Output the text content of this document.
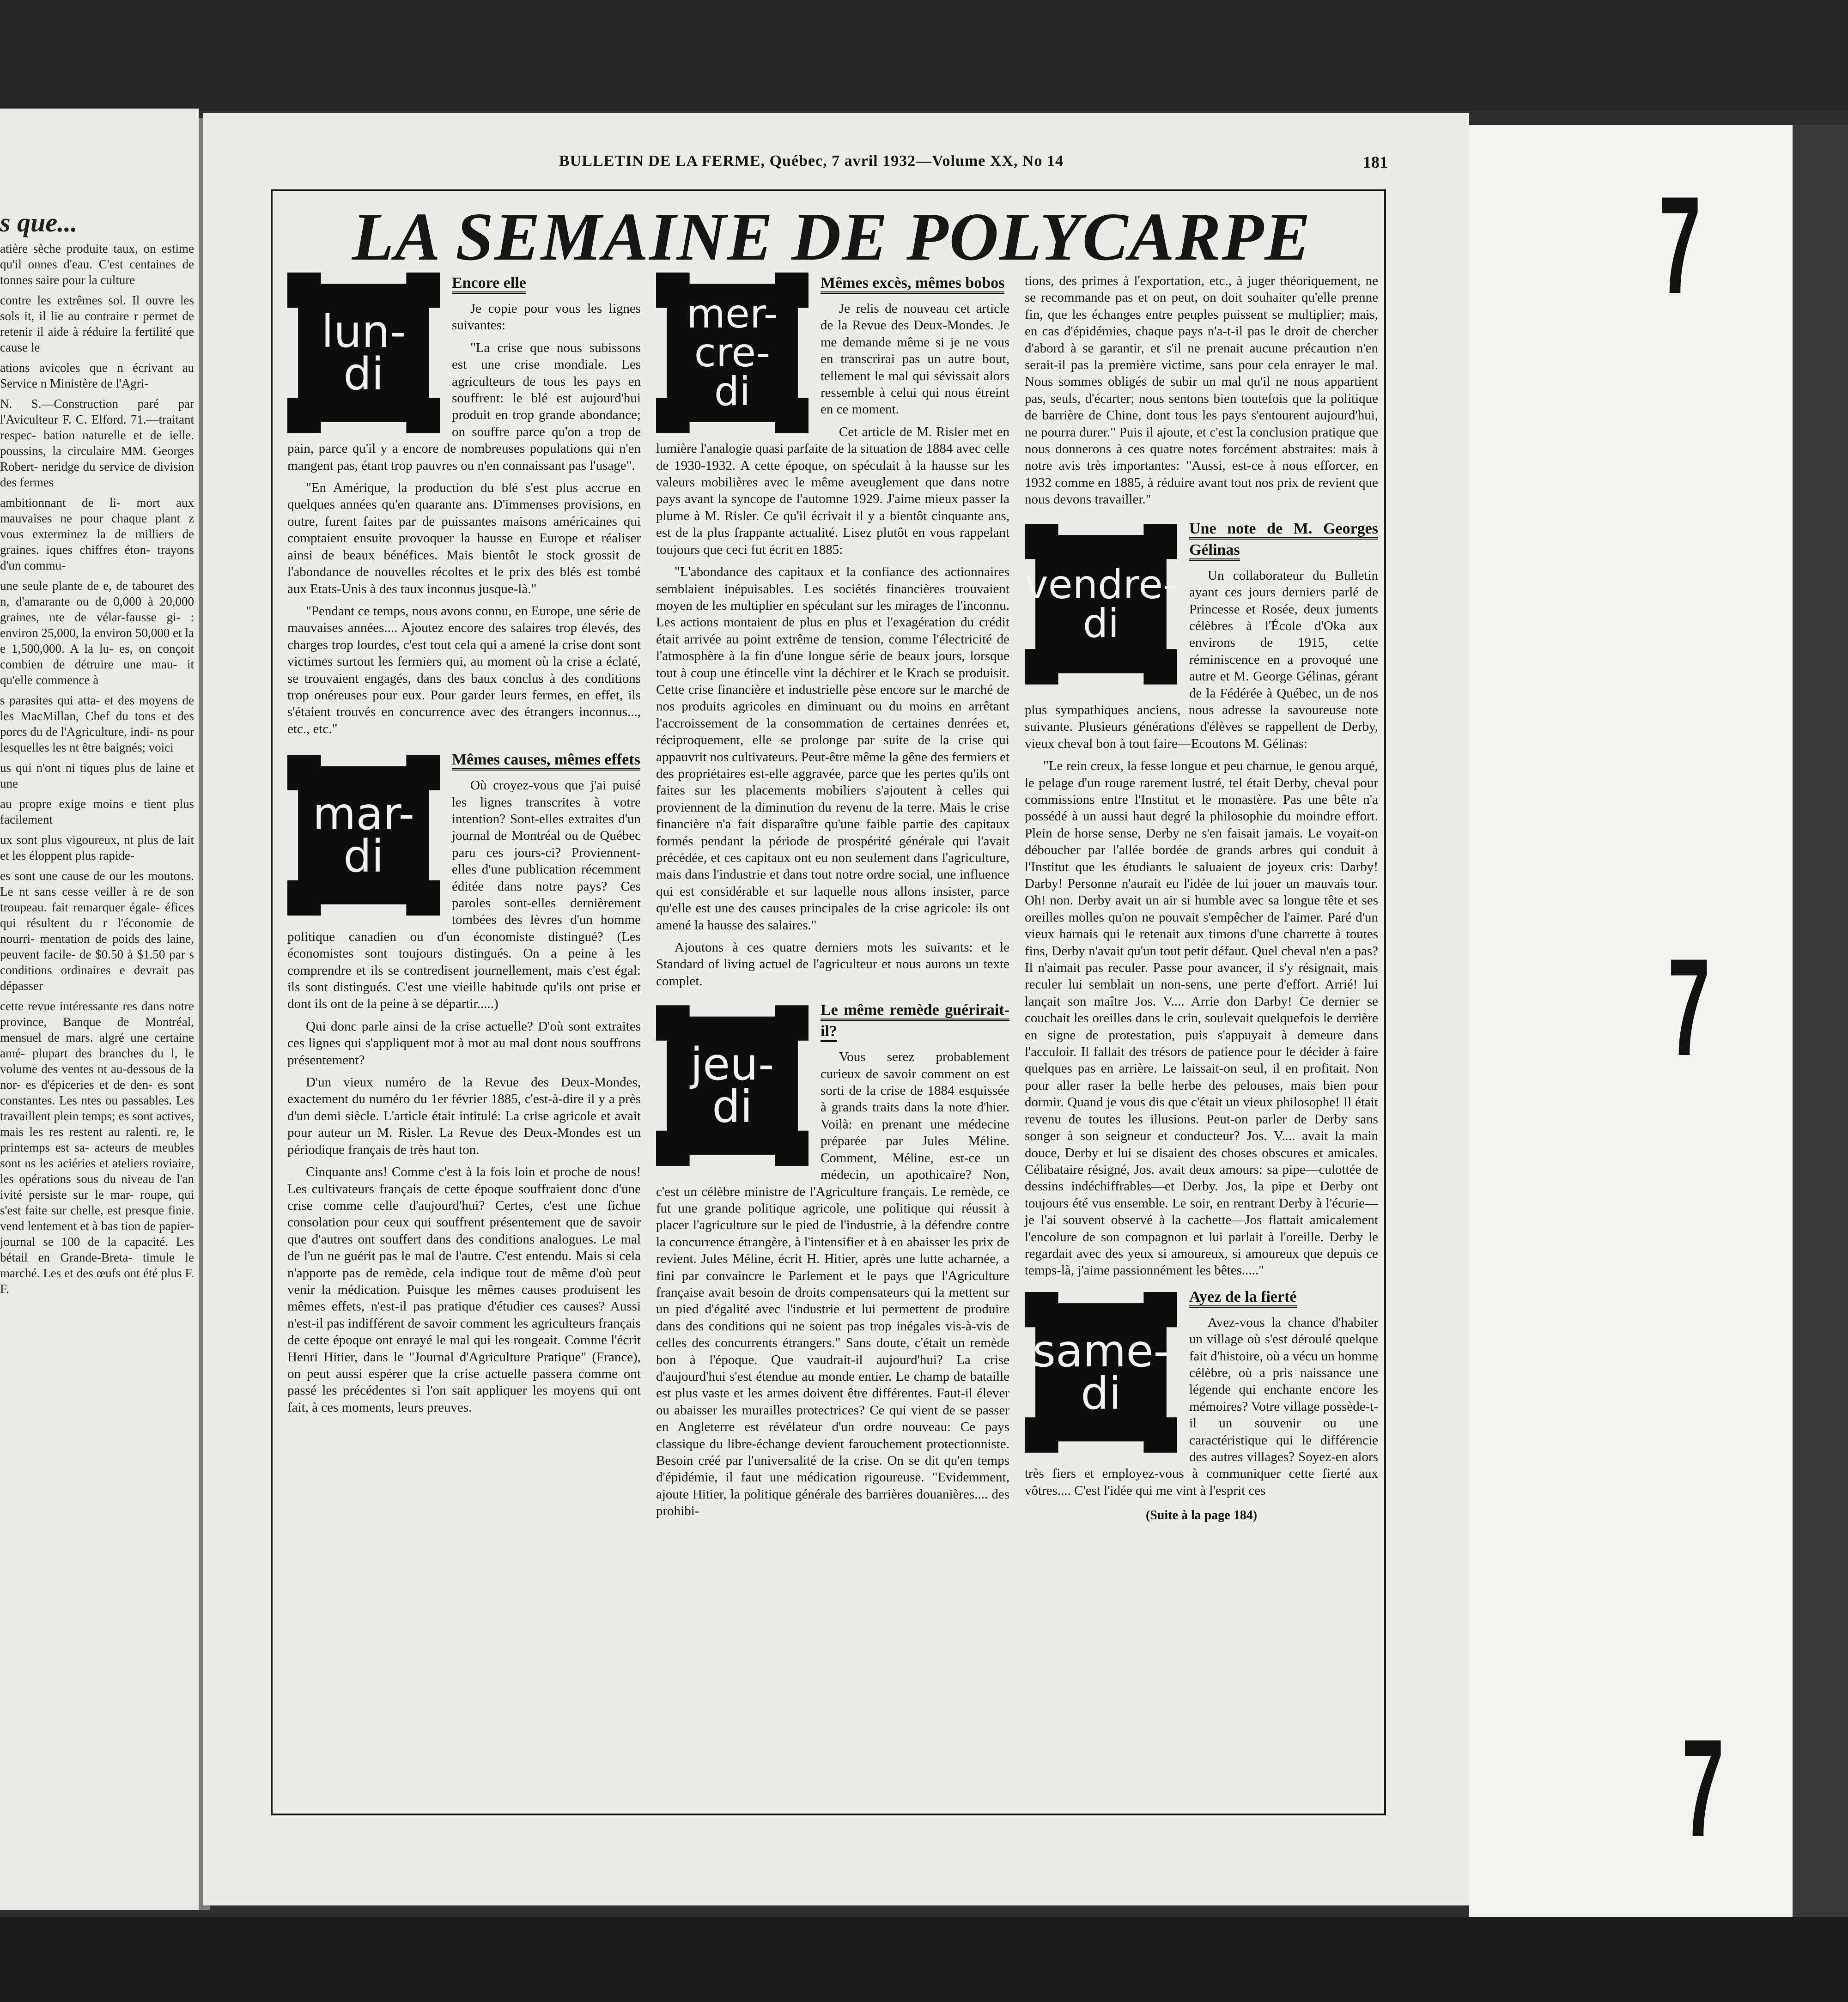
s que...

atière sèche produite taux, on estime qu'il onnes d'eau. C'est centaines de tonnes saire pour la culture

contre les extrêmes sol. Il ouvre les sols it, il lie au contraire r permet de retenir il aide à réduire la fertilité que cause le

ations avicoles que n écrivant au Service n Ministère de l'Agri-

N. S.—Construction paré par l'Aviculteur F. C. Elford. 71.—traitant respec- bation naturelle et de ielle. poussins, la circulaire MM. Georges Robert- neridge du service de division des fermes

ambitionnant de li- mort aux mauvaises ne pour chaque plant z vous exterminez la de milliers de graines. iques chiffres éton- trayons d'un commu-

une seule plante de e, de tabouret des n, d'amarante ou de 0,000 à 20,000 graines, nte de vélar-fausse gi- : environ 25,000, la environ 50,000 et la e 1,500,000. A la lu- es, on conçoit combien de détruire une mau- it qu'elle commence à

s parasites qui atta- et des moyens de les MacMillan, Chef du tons et des porcs du de l'Agriculture, indi- ns pour lesquelles les nt être baignés; voici

us qui n'ont ni tiques plus de laine et une

au propre exige moins e tient plus facilement

ux sont plus vigoureux, nt plus de lait et les éloppent plus rapide-

es sont une cause de our les moutons. Le nt sans cesse veiller à re de son troupeau. fait remarquer égale- éfices qui résultent du r l'économie de nourri- mentation de poids des laine, peuvent facile- de $0.50 à $1.50 par s conditions ordinaires e devrait pas dépasser

cette revue intéressante res dans notre province, Banque de Montréal, mensuel de mars. algré une certaine amé- plupart des branches du l, le volume des ventes nt au-dessous de la nor- es d'épiceries et de den- es sont constantes. Les ntes ou passables. Les travaillent plein temps; es sont actives, mais les res restent au ralenti. re, le printemps est sa- acteurs de meubles sont ns les aciéries et ateliers roviaire, les opérations sous du niveau de l'an ivité persiste sur le mar- roupe, qui s'est faite sur chelle, est presque finie. vend lentement et à bas tion de papier-journal se 100 de la capacité. Les bétail en Grande-Breta- timule le marché. Les et des œufs ont été plus F. F.

7
7
7
BULLETIN DE LA FERME, Québec, 7 avril 1932—Volume XX, No 14	181
LA SEMAINE DE POLYCARPE
lun-
di

Encore elle

Je copie pour vous les lignes suivantes:

"La crise que nous subissons est une crise mondiale. Les agriculteurs de tous les pays en souffrent: le blé est aujourd'hui produit en trop grande abondance; on souffre parce qu'on a trop de pain, parce qu'il y a encore de nombreuses populations qui n'en mangent pas, étant trop pauvres ou n'en connaissant pas l'usage".

"En Amérique, la production du blé s'est plus accrue en quelques années qu'en quarante ans. D'immenses provisions, en outre, furent faites par de puissantes maisons américaines qui comptaient ensuite provoquer la hausse en Europe et réaliser ainsi de beaux bénéfices. Mais bientôt le stock grossit de l'abondance de nouvelles récoltes et le prix des blés est tombé aux Etats-Unis à des taux inconnus jusque-là."

"Pendant ce temps, nous avons connu, en Europe, une série de mauvaises années.... Ajoutez encore des salaires trop élevés, des charges trop lourdes, c'est tout cela qui a amené la crise dont sont victimes surtout les fermiers qui, au moment où la crise a éclaté, se trouvaient engagés, dans des baux conclus à des conditions trop onéreuses pour eux. Pour garder leurs fermes, en effet, ils s'étaient trouvés en concurrence avec des étrangers inconnus..., etc., etc."

mar-
di

Mêmes causes, mêmes effets

Où croyez-vous que j'ai puisé les lignes transcrites à votre intention? Sont-elles extraites d'un journal de Montréal ou de Québec paru ces jours-ci? Proviennent-elles d'une publication récemment éditée dans notre pays? Ces paroles sont-elles dernièrement tombées des lèvres d'un homme politique canadien ou d'un économiste distingué? (Les économistes sont toujours distingués. On a peine à les comprendre et ils se contredisent journellement, mais c'est égal: ils sont distingués. C'est une vieille habitude qu'ils ont prise et dont ils ont de la peine à se départir.....)

Qui donc parle ainsi de la crise actuelle? D'où sont extraites ces lignes qui s'appliquent mot à mot au mal dont nous souffrons présentement?

D'un vieux numéro de la Revue des Deux-Mondes, exactement du numéro du 1er février 1885, c'est-à-dire il y a près d'un demi siècle. L'article était intitulé: La crise agricole et avait pour auteur un M. Risler. La Revue des Deux-Mondes est un périodique français de très haut ton.

Cinquante ans! Comme c'est à la fois loin et proche de nous! Les cultivateurs français de cette époque souffraient donc d'une crise comme celle d'aujourd'hui? Certes, c'est une fichue consolation pour ceux qui souffrent présentement que de savoir que d'autres ont souffert dans des conditions analogues. Le mal de l'un ne guérit pas le mal de l'autre. C'est entendu. Mais si cela n'apporte pas de remède, cela indique tout de même d'où peut venir la médication. Puisque les mêmes causes produisent les mêmes effets, n'est-il pas pratique d'étudier ces causes? Aussi n'est-il pas indifférent de savoir comment les agriculteurs français de cette époque ont enrayé le mal qui les rongeait. Comme l'écrit Henri Hitier, dans le "Journal d'Agriculture Pratique" (France), on peut aussi espérer que la crise actuelle passera comme ont passé les précédentes si l'on sait appliquer les moyens qui ont fait, à ces moments, leurs preuves.

mer-
cre-
di

Mêmes excès, mêmes bobos

Je relis de nouveau cet article de la Revue des Deux-Mondes. Je me demande même si je ne vous en transcrirai pas un autre bout, tellement le mal qui sévissait alors ressemble à celui qui nous étreint en ce moment.

Cet article de M. Risler met en lumière l'analogie quasi parfaite de la situation de 1884 avec celle de 1930-1932. A cette époque, on spéculait à la hausse sur les valeurs mobilières avec le même aveuglement que dans notre pays avant la syncope de l'automne 1929. J'aime mieux passer la plume à M. Risler. Ce qu'il écrivait il y a bientôt cinquante ans, est de la plus frappante actualité. Lisez plutôt en vous rappelant toujours que ceci fut écrit en 1885:

"L'abondance des capitaux et la confiance des actionnaires semblaient inépuisables. Les sociétés financières trouvaient moyen de les multiplier en spéculant sur les mirages de l'inconnu. Les actions montaient de plus en plus et l'exagération du crédit était arrivée au point extrême de tension, comme l'électricité de l'atmosphère à la fin d'une longue série de beaux jours, lorsque tout à coup une étincelle vint la déchirer et le Krach se produisit. Cette crise financière et industrielle pèse encore sur le marché de nos produits agricoles en diminuant ou du moins en arrêtant l'accroissement de la consommation de certaines denrées et, réciproquement, elle se prolonge par suite de la crise qui appauvrit nos cultivateurs. Peut-être même la gêne des fermiers et des propriétaires est-elle aggravée, parce que les pertes qu'ils ont faites sur les placements mobiliers s'ajoutent à celles qui proviennent de la diminution du revenu de la terre. Mais le crise financière n'a fait disparaître qu'une faible partie des capitaux formés pendant la période de prospérité générale qui l'avait précédée, et ces capitaux ont eu non seulement dans l'agriculture, mais dans l'industrie et dans tout notre ordre social, une influence qui est considérable et sur laquelle nous allons insister, parce qu'elle est une des causes principales de la crise agricole: ils ont amené la hausse des salaires."

Ajoutons à ces quatre derniers mots les suivants: et le Standard of living actuel de l'agriculteur et nous aurons un texte complet.

jeu-
di

Le même remède guérirait-il?

Vous serez probablement curieux de savoir comment on est sorti de la crise de 1884 esquissée à grands traits dans la note d'hier. Voilà: en prenant une médecine préparée par Jules Méline. Comment, Méline, est-ce un médecin, un apothicaire? Non, c'est un célèbre ministre de l'Agriculture français. Le remède, ce fut une grande politique agricole, une politique qui réussit à placer l'agriculture sur le pied de l'industrie, à la défendre contre la concurrence étrangère, à l'intensifier et à en abaisser les prix de revient. Jules Méline, écrit H. Hitier, après une lutte acharnée, a fini par convaincre le Parlement et le pays que l'Agriculture française avait besoin de droits compensateurs qui la mettent sur un pied d'égalité avec l'industrie et lui permettent de produire dans des conditions qui ne soient pas trop inégales vis-à-vis de celles des concurrents étrangers." Sans doute, c'était un remède bon à l'époque. Que vaudrait-il aujourd'hui? La crise d'aujourd'hui s'est étendue au monde entier. Le champ de bataille est plus vaste et les armes doivent être différentes. Faut-il élever ou abaisser les murailles protectrices? Ce qui vient de se passer en Angleterre est révélateur d'un ordre nouveau: Ce pays classique du libre-échange devient farouchement protectionniste. Besoin créé par l'universalité de la crise. On se dit qu'en temps d'épidémie, il faut une médication rigoureuse. "Evidemment, ajoute Hitier, la politique générale des barrières douanières.... des prohibi-

tions, des primes à l'exportation, etc., à juger théoriquement, ne se recommande pas et on peut, on doit souhaiter qu'elle prenne fin, que les échanges entre peuples puissent se multiplier; mais, en cas d'épidémies, chaque pays n'a-t-il pas le droit de chercher d'abord à se garantir, et s'il ne prenait aucune précaution n'en serait-il pas la première victime, sans pour cela enrayer le mal. Nous sommes obligés de subir un mal qu'il ne nous appartient pas, seuls, d'écarter; nous sentons bien toutefois que la politique de barrière de Chine, dont tous les pays s'entourent aujourd'hui, ne pourra durer." Puis il ajoute, et c'est la conclusion pratique que nous donnerons à ces quatre notes forcément abstraites: mais à notre avis très importantes: "Aussi, est-ce à nous efforcer, en 1932 comme en 1885, à réduire avant tout nos prix de revient que nous devons travailler."

vendre-
di

Une note de M. Georges Gélinas

Un collaborateur du Bulletin ayant ces jours derniers parlé de Princesse et Rosée, deux juments célèbres à l'École d'Oka aux environs de 1915, cette réminiscence en a provoqué une autre et M. George Gélinas, gérant de la Fédérée à Québec, un de nos plus sympathiques anciens, nous adresse la savoureuse note suivante. Plusieurs générations d'élèves se rappellent de Derby, vieux cheval bon à tout faire—Ecoutons M. Gélinas:

"Le rein creux, la fesse longue et peu charnue, le genou arqué, le pelage d'un rouge rarement lustré, tel était Derby, cheval pour commissions entre l'Institut et le monastère. Pas une bête n'a possédé à un aussi haut degré la philosophie du moindre effort. Plein de horse sense, Derby ne s'en faisait jamais. Le voyait-on déboucher par l'allée bordée de grands arbres qui conduit à l'Institut que les étudiants le saluaient de joyeux cris: Darby! Darby! Personne n'aurait eu l'idée de lui jouer un mauvais tour. Oh! non. Derby avait un air si humble avec sa longue tête et ses oreilles molles qu'on ne pouvait s'empêcher de l'aimer. Paré d'un vieux harnais qui le retenait aux timons d'une charrette à toutes fins, Derby n'avait qu'un tout petit défaut. Quel cheval n'en a pas? Il n'aimait pas reculer. Passe pour avancer, il s'y résignait, mais reculer lui semblait un non-sens, une perte d'effort. Arrié! lui lançait son maître Jos. V.... Arrie don Darby! Ce dernier se couchait les oreilles dans le crin, soulevait quelquefois le derrière en signe de protestation, puis s'appuyait à demeure dans l'acculoir. Il fallait des trésors de patience pour le décider à faire quelques pas en arrière. Le laissait-on seul, il en profitait. Non pour aller raser la belle herbe des pelouses, mais bien pour dormir. Quand je vous dis que c'était un vieux philosophe! Il était revenu de toutes les illusions. Peut-on parler de Derby sans songer à son seigneur et conducteur? Jos. V.... avait la main douce, Derby et lui se disaient des choses obscures et amicales. Célibataire résigné, Jos. avait deux amours: sa pipe—culottée de dessins indéchiffrables—et Derby. Jos, la pipe et Derby ont toujours été vus ensemble. Le soir, en rentrant Derby à l'écurie—je l'ai souvent observé à la cachette—Jos flattait amicalement l'encolure de son compagnon et lui parlait à l'oreille. Derby le regardait avec des yeux si amoureux, si amoureux que depuis ce temps-là, j'aime passionnément les bêtes....."

same-
di

Ayez de la fierté

Avez-vous la chance d'habiter un village où s'est déroulé quelque fait d'histoire, où a vécu un homme célèbre, où a pris naissance une légende qui enchante encore les mémoires? Votre village possède-t-il un souvenir ou une caractéristique qui le différencie des autres villages? Soyez-en alors très fiers et employez-vous à communiquer cette fierté aux vôtres.... C'est l'idée qui me vint à l'esprit ces

(Suite à la page 184)
